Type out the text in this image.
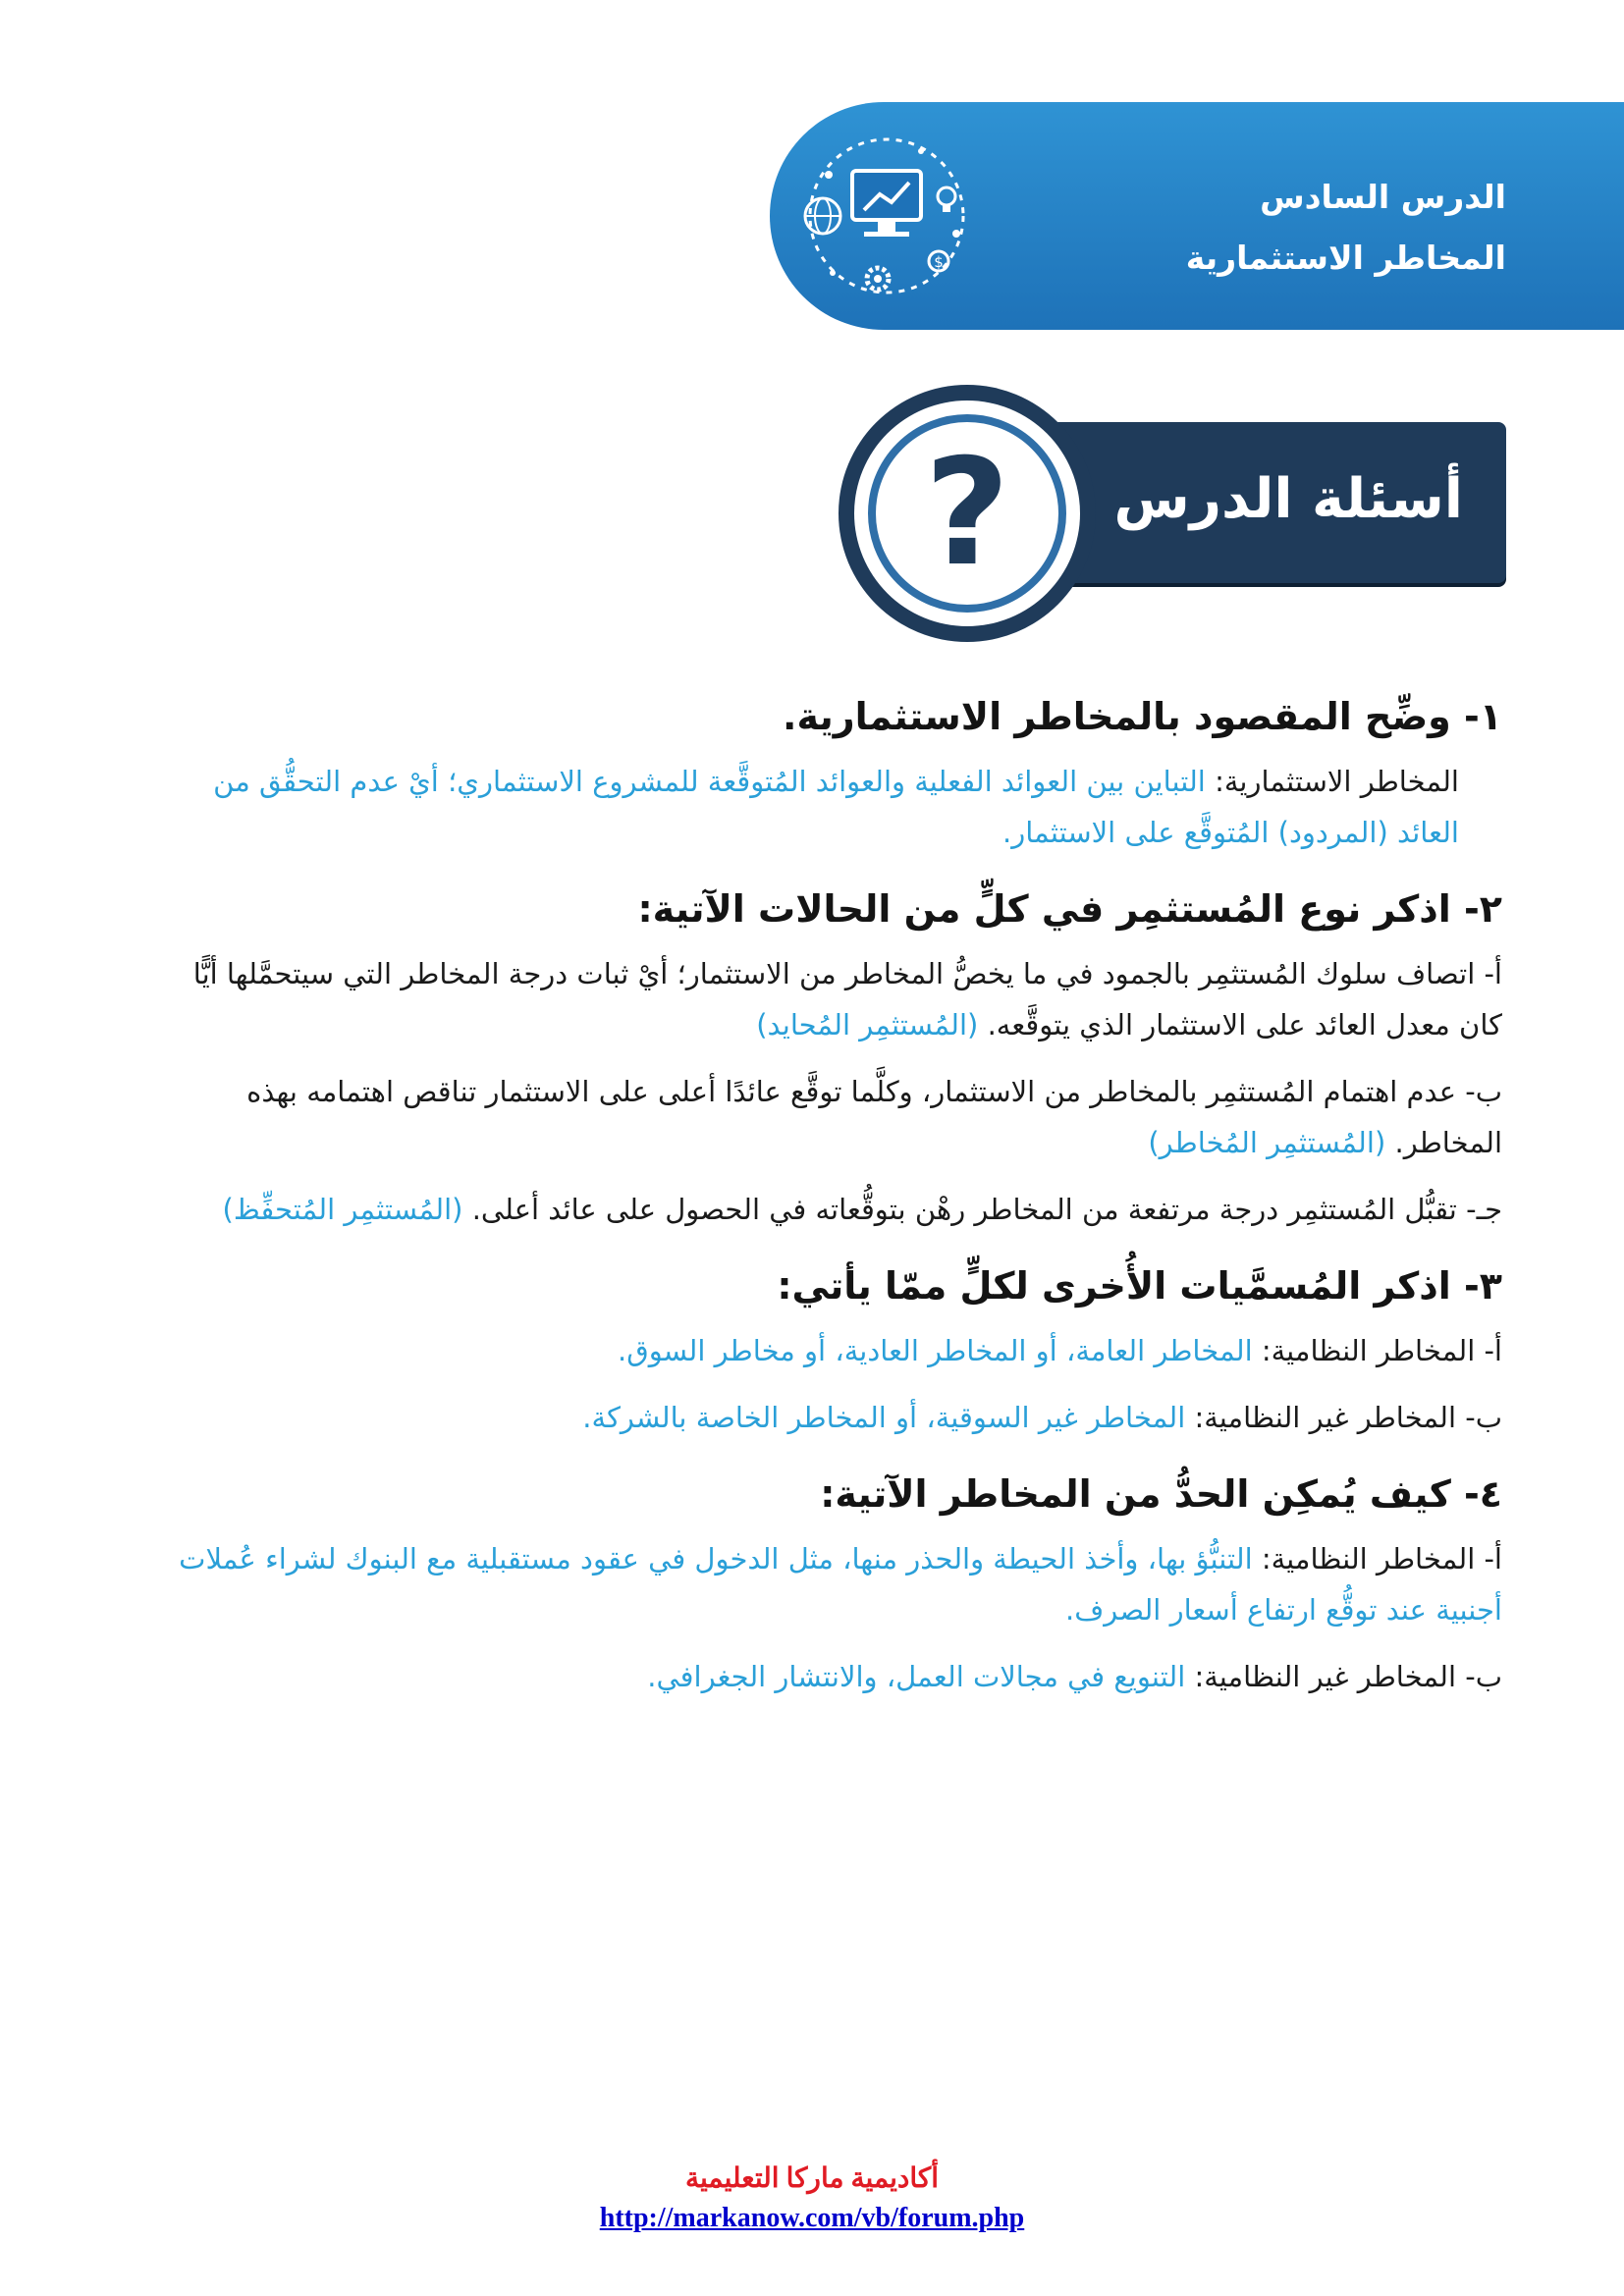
الدرس السادس
المخاطر الاستثمارية
$
أسئلة الدرس
?
١- وضِّح المقصود بالمخاطر الاستثمارية.
المخاطر الاستثمارية: التباين بين العوائد الفعلية والعوائد المُتوقَّعة للمشروع الاستثماري؛ أيْ عدم التحقُّق من العائد (المردود) المُتوقَّع على الاستثمار.
٢- اذكر نوع المُستثمِر في كلٍّ من الحالات الآتية:
أ- اتصاف سلوك المُستثمِر بالجمود في ما يخصُّ المخاطر من الاستثمار؛ أيْ ثبات درجة المخاطر التي سيتحمَّلها أيًّا كان معدل العائد على الاستثمار الذي يتوقَّعه. (المُستثمِر المُحايد)
ب- عدم اهتمام المُستثمِر بالمخاطر من الاستثمار، وكلَّما توقَّع عائدًا أعلى على الاستثمار تناقص اهتمامه بهذه المخاطر. (المُستثمِر المُخاطر)
جـ- تقبُّل المُستثمِر درجة مرتفعة من المخاطر رهْن بتوقُّعاته في الحصول على عائد أعلى. (المُستثمِر المُتحفِّظ)
٣- اذكر المُسمَّيات الأُخرى لكلٍّ ممّا يأتي:
أ- المخاطر النظامية: المخاطر العامة، أو المخاطر العادية، أو مخاطر السوق.
ب- المخاطر غير النظامية: المخاطر غير السوقية، أو المخاطر الخاصة بالشركة.
٤- كيف يُمكِن الحدُّ من المخاطر الآتية:
أ- المخاطر النظامية: التنبُّؤ بها، وأخذ الحيطة والحذر منها، مثل الدخول في عقود مستقبلية مع البنوك لشراء عُملات أجنبية عند توقُّع ارتفاع أسعار الصرف.
ب- المخاطر غير النظامية: التنويع في مجالات العمل، والانتشار الجغرافي.
أكاديمية ماركا التعليمية
http://markanow.com/vb/forum.php
